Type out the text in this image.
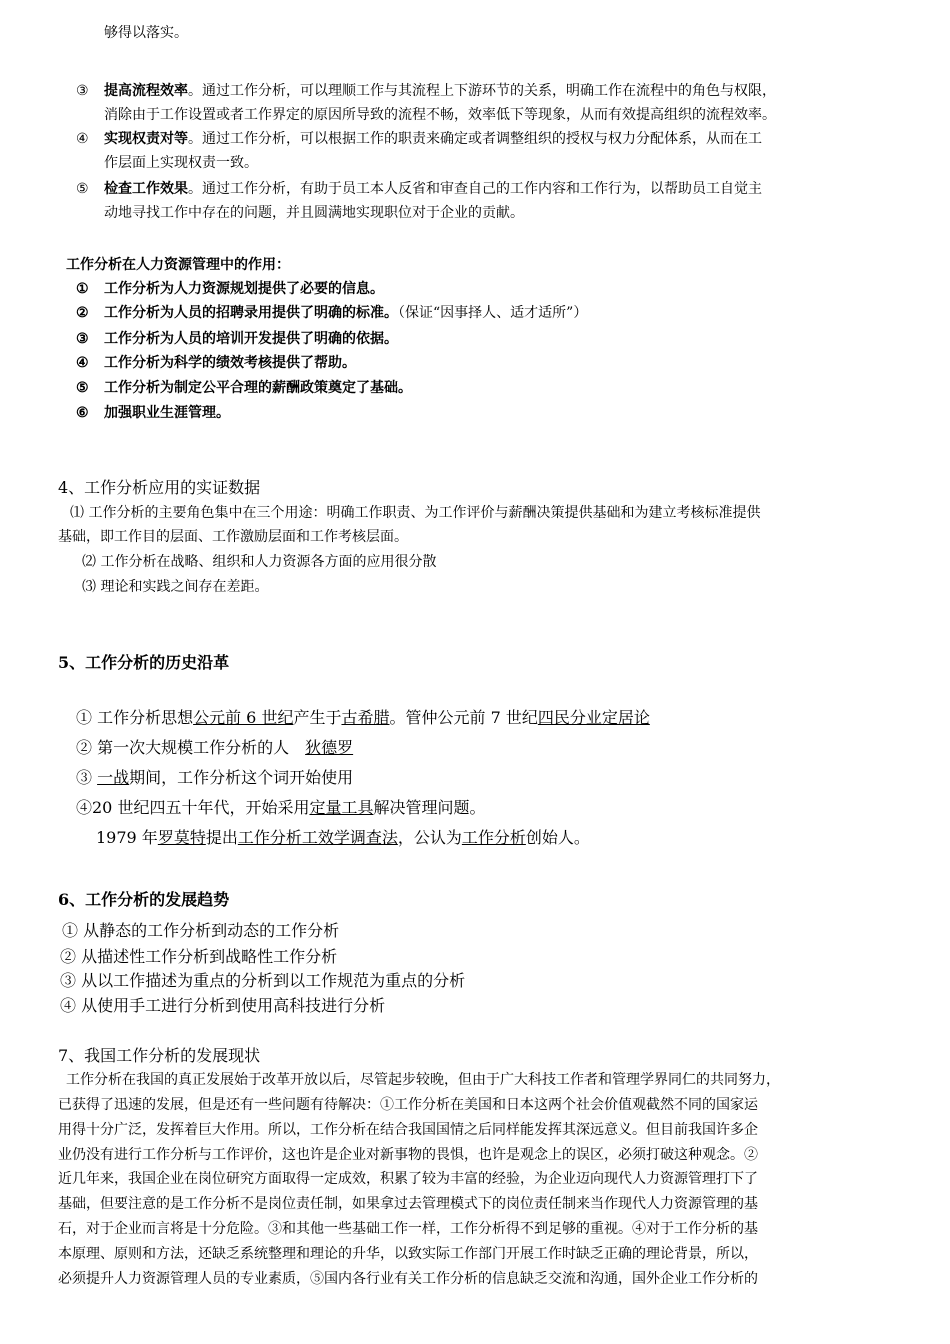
够得以落实。
③ 提高流程效率。通过工作分析，可以理顺工作与其流程上下游环节的关系，明确工作在流程中的角色与权限，
消除由于工作设置或者工作界定的原因所导致的流程不畅，效率低下等现象，从而有效提高组织的流程效率。
④ 实现权责对等。通过工作分析，可以根据工作的职责来确定或者调整组织的授权与权力分配体系，从而在工
作层面上实现权责一致。
⑤ 检查工作效果。通过工作分析，有助于员工本人反省和审查自己的工作内容和工作行为，以帮助员工自觉主
动地寻找工作中存在的问题，并且圆满地实现职位对于企业的贡献。
工作分析在人力资源管理中的作用：
① 工作分析为人力资源规划提供了必要的信息。
② 工作分析为人员的招聘录用提供了明确的标准。（保证“因事择人、适才适所”）
③ 工作分析为人员的培训开发提供了明确的依据。
④ 工作分析为科学的绩效考核提供了帮助。
⑤ 工作分析为制定公平合理的薪酬政策奠定了基础。
⑥ 加强职业生涯管理。
4、工作分析应用的实证数据
⑴ 工作分析的主要角色集中在三个用途：明确工作职责、为工作评价与薪酬决策提供基础和为建立考核标准提供
基础，即工作目的层面、工作激励层面和工作考核层面。
⑵ 工作分析在战略、组织和人力资源各方面的应用很分散
⑶ 理论和实践之间存在差距。
5、工作分析的历史沿革
① 工作分析思想公元前 6 世纪产生于古希腊。管仲公元前 7 世纪四民分业定居论
② 第一次大规模工作分析的人　狄德罗
③ 一战期间，工作分析这个词开始使用
④20 世纪四五十年代，开始采用定量工具解决管理问题。
1979 年罗莫特提出工作分析工效学调查法，公认为工作分析创始人。
6、工作分析的发展趋势
① 从静态的工作分析到动态的工作分析
② 从描述性工作分析到战略性工作分析
③ 从以工作描述为重点的分析到以工作规范为重点的分析
④ 从使用手工进行分析到使用高科技进行分析
7、我国工作分析的发展现状
工作分析在我国的真正发展始于改革开放以后，尽管起步较晚，但由于广大科技工作者和管理学界同仁的共同努力，
已获得了迅速的发展，但是还有一些问题有待解决：①工作分析在美国和日本这两个社会价值观截然不同的国家运
用得十分广泛，发挥着巨大作用。所以，工作分析在结合我国国情之后同样能发挥其深远意义。但目前我国许多企
业仍没有进行工作分析与工作评价，这也许是企业对新事物的畏惧，也许是观念上的误区，必须打破这种观念。②
近几年来，我国企业在岗位研究方面取得一定成效，积累了较为丰富的经验，为企业迈向现代人力资源管理打下了
基础，但要注意的是工作分析不是岗位责任制，如果拿过去管理模式下的岗位责任制来当作现代人力资源管理的基
石，对于企业而言将是十分危险。③和其他一些基础工作一样，工作分析得不到足够的重视。④对于工作分析的基
本原理、原则和方法，还缺乏系统整理和理论的升华，以致实际工作部门开展工作时缺乏正确的理论背景，所以，
必须提升人力资源管理人员的专业素质，⑤国内各行业有关工作分析的信息缺乏交流和沟通，国外企业工作分析的
